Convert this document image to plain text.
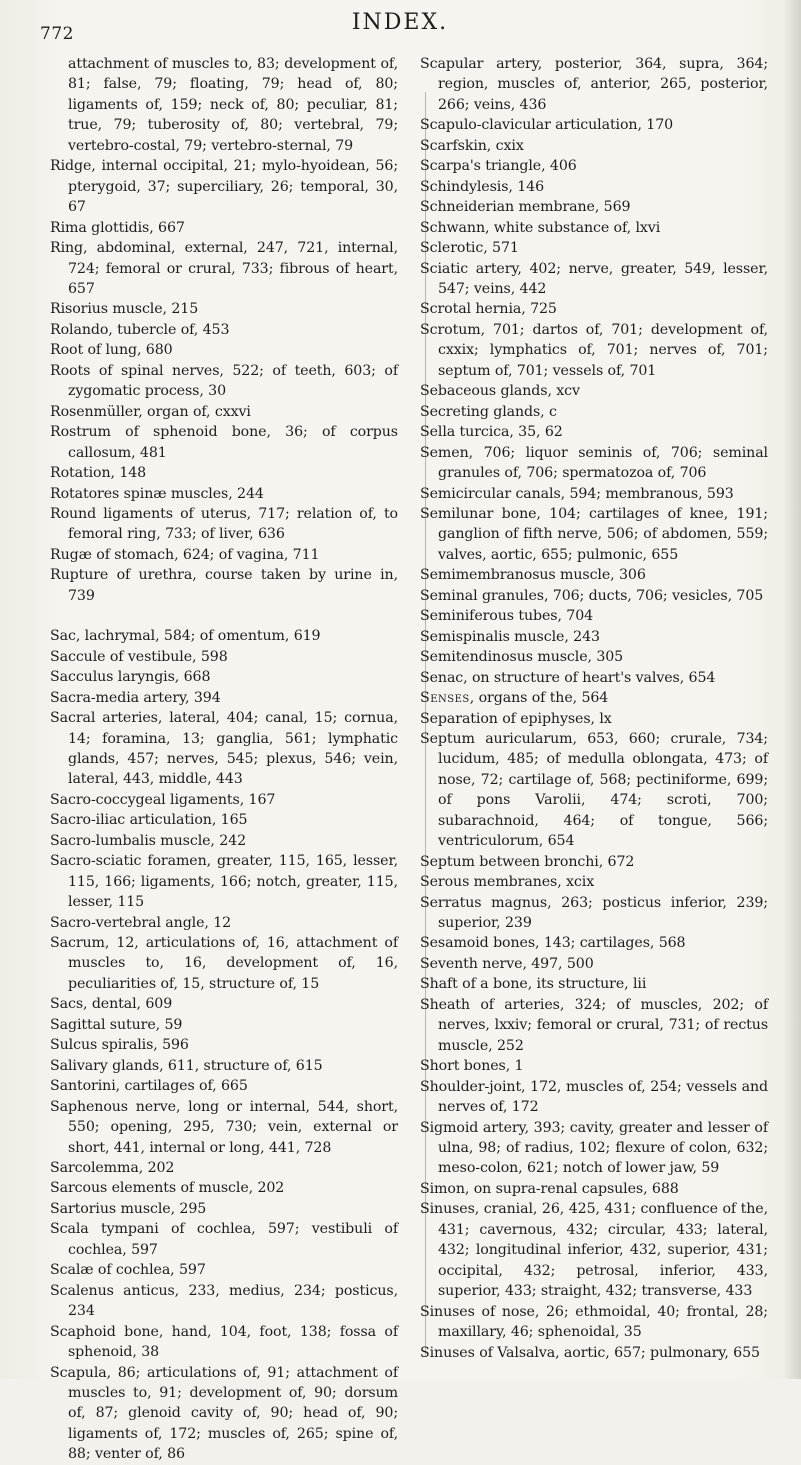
772	INDEX.

attachment of muscles to, 83; development of, 81; false, 79; floating, 79; head of, 80; ligaments of, 159; neck of, 80; peculiar, 81; true, 79; tuberosity of, 80; vertebral, 79; vertebro-costal, 79; vertebro-sternal, 79

Ridge, internal occipital, 21; mylo-hyoidean, 56; pterygoid, 37; superciliary, 26; temporal, 30, 67

Rima glottidis, 667

Ring, abdominal, external, 247, 721, internal, 724; femoral or crural, 733; fibrous of heart, 657

Risorius muscle, 215

Rolando, tubercle of, 453

Root of lung, 680

Roots of spinal nerves, 522; of teeth, 603; of zygomatic process, 30

Rosenmüller, organ of, cxxvi

Rostrum of sphenoid bone, 36; of corpus callosum, 481

Rotation, 148

Rotatores spinæ muscles, 244

Round ligaments of uterus, 717; relation of, to femoral ring, 733; of liver, 636

Rugæ of stomach, 624; of vagina, 711

Rupture of urethra, course taken by urine in, 739

Sac, lachrymal, 584; of omentum, 619

Saccule of vestibule, 598

Sacculus laryngis, 668

Sacra-media artery, 394

Sacral arteries, lateral, 404; canal, 15; cornua, 14; foramina, 13; ganglia, 561; lymphatic glands, 457; nerves, 545; plexus, 546; vein, lateral, 443, middle, 443

Sacro-coccygeal ligaments, 167

Sacro-iliac articulation, 165

Sacro-lumbalis muscle, 242

Sacro-sciatic foramen, greater, 115, 165, lesser, 115, 166; ligaments, 166; notch, greater, 115, lesser, 115

Sacro-vertebral angle, 12

Sacrum, 12, articulations of, 16, attachment of muscles to, 16, development of, 16, peculiarities of, 15, structure of, 15

Sacs, dental, 609

Sagittal suture, 59

Sulcus spiralis, 596

Salivary glands, 611, structure of, 615

Santorini, cartilages of, 665

Saphenous nerve, long or internal, 544, short, 550; opening, 295, 730; vein, external or short, 441, internal or long, 441, 728

Sarcolemma, 202

Sarcous elements of muscle, 202

Sartorius muscle, 295

Scala tympani of cochlea, 597; vestibuli of cochlea, 597

Scalæ of cochlea, 597

Scalenus anticus, 233, medius, 234; posticus, 234

Scaphoid bone, hand, 104, foot, 138; fossa of sphenoid, 38

Scapula, 86; articulations of, 91; attachment of muscles to, 91; development of, 90; dorsum of, 87; glenoid cavity of, 90; head of, 90; ligaments of, 172; muscles of, 265; spine of, 88; venter of, 86

Scapular artery, posterior, 364, supra, 364; region, muscles of, anterior, 265, posterior, 266; veins, 436

Scapulo-clavicular articulation, 170

Scarfskin, cxix

Scarpa's triangle, 406

Schindylesis, 146

Schneiderian membrane, 569

Schwann, white substance of, lxvi

Sclerotic, 571

Sciatic artery, 402; nerve, greater, 549, lesser, 547; veins, 442

Scrotal hernia, 725

Scrotum, 701; dartos of, 701; development of, cxxix; lymphatics of, 701; nerves of, 701; septum of, 701; vessels of, 701

Sebaceous glands, xcv

Secreting glands, c

Sella turcica, 35, 62

Semen, 706; liquor seminis of, 706; seminal granules of, 706; spermatozoa of, 706

Semicircular canals, 594; membranous, 593

Semilunar bone, 104; cartilages of knee, 191; ganglion of fifth nerve, 506; of abdomen, 559; valves, aortic, 655; pulmonic, 655

Semimembranosus muscle, 306

Seminal granules, 706; ducts, 706; vesicles, 705

Seminiferous tubes, 704

Semispinalis muscle, 243

Semitendinosus muscle, 305

Senac, on structure of heart's valves, 654

Senses, organs of the, 564

Separation of epiphyses, lx

Septum auricularum, 653, 660; crurale, 734; lucidum, 485; of medulla oblongata, 473; of nose, 72; cartilage of, 568; pectiniforme, 699; of pons Varolii, 474; scroti, 700; subarachnoid, 464; of tongue, 566; ventriculorum, 654

Septum between bronchi, 672

Serous membranes, xcix

Serratus magnus, 263; posticus inferior, 239; superior, 239

Sesamoid bones, 143; cartilages, 568

Seventh nerve, 497, 500

Shaft of a bone, its structure, lii

Sheath of arteries, 324; of muscles, 202; of nerves, lxxiv; femoral or crural, 731; of rectus muscle, 252

Short bones, 1

Shoulder-joint, 172, muscles of, 254; vessels and nerves of, 172

Sigmoid artery, 393; cavity, greater and lesser of ulna, 98; of radius, 102; flexure of colon, 632; meso-colon, 621; notch of lower jaw, 59

Simon, on supra-renal capsules, 688

Sinuses, cranial, 26, 425, 431; confluence of the, 431; cavernous, 432; circular, 433; lateral, 432; longitudinal inferior, 432, superior, 431; occipital, 432; petrosal, inferior, 433, superior, 433; straight, 432; transverse, 433

Sinuses of nose, 26; ethmoidal, 40; frontal, 28; maxillary, 46; sphenoidal, 35

Sinuses of Valsalva, aortic, 657; pulmonary, 655
